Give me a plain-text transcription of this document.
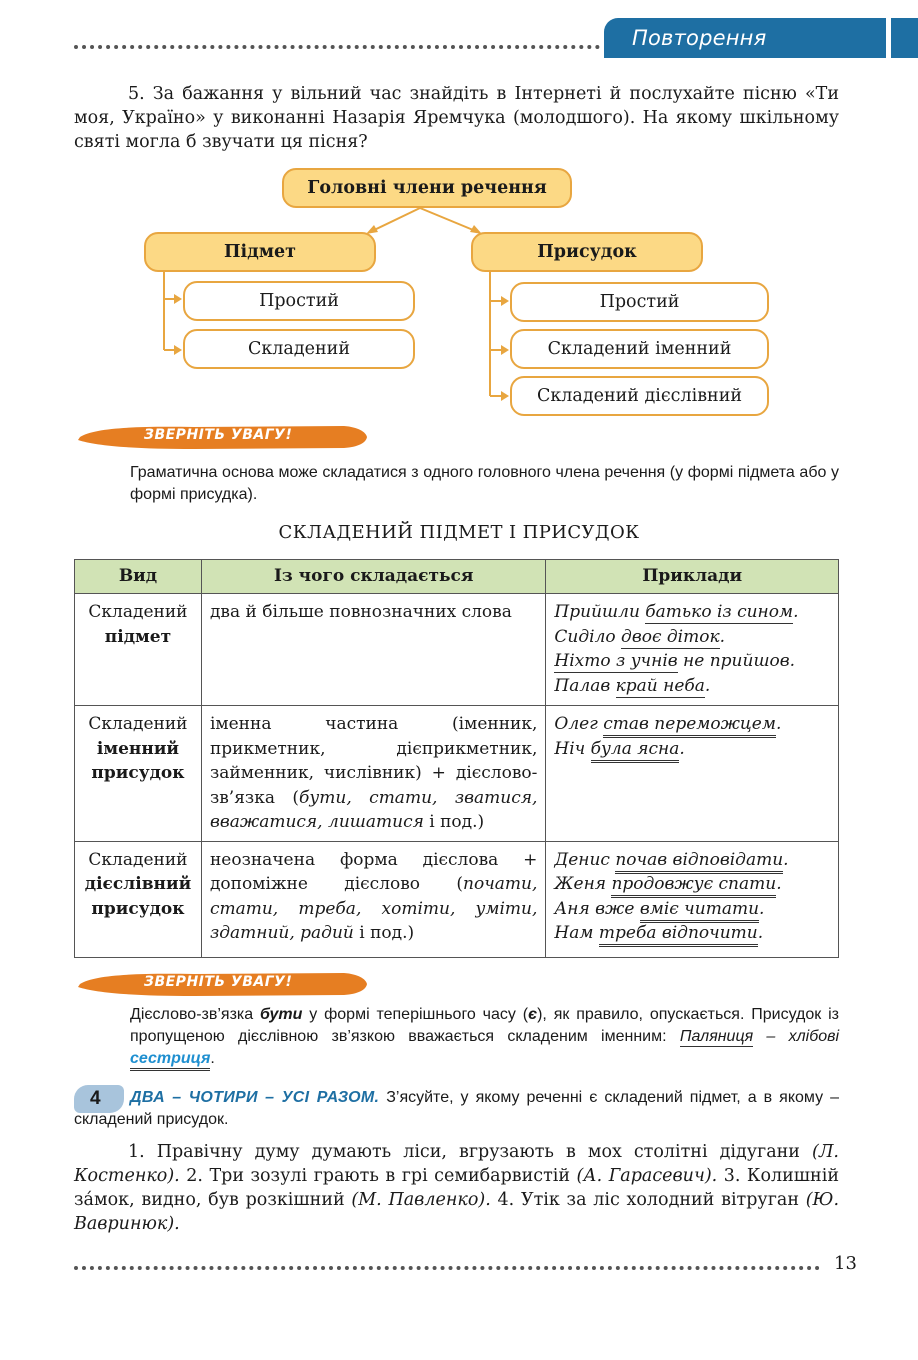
Повторення вивченого

5. За бажання у вільний час знайдіть в Інтернеті й послухайте пісню «Ти моя, Україно» у виконанні Назарія Яремчука (молодшого). На якому шкільному святі могла б звучати ця пісня?

Головні члени речення
Підмет	Присудок
Простий
Складений
Простий
Складений іменний
Складений дієслівний
ЗВЕРНІТЬ УВАГУ!

Граматична основа може складатися з одного головного члена речення (у формі підмета або у формі присудка).

СКЛАДЕНИЙ ПІДМЕТ І ПРИСУДОК
Вид	Із чого складається	Приклади
Складений
підмет	два й більше повнозначних слова	Прийшли батько із сином.
Сиділо двоє діток.
Ніхто з учнів не прийшов.
Палав край неба.

Складений
іменний
присудок	іменна частина (іменник, прикметник, дієприкметник, займенник, числівник) + дієслово-зв’язка (бути, стати, зватися, вважатися, лишатися і под.)	Олег став переможцем.
Ніч була ясна.

Складений
дієслівний
присудок	неозначена форма дієслова + допоміжне дієслово (почати, стати, треба, хотіти, уміти, здатний, радий і под.)	Денис почав відповідати.
Женя продовжує спати.
Аня вже вміє читати.
Нам треба відпочити.
ЗВЕРНІТЬ УВАГУ!

Дієслово-зв’язка бути у формі теперішнього часу (є), як правило, опускається. Присудок із пропущеною дієслівною зв’язкою вважається складеним іменним: Паляниця – хлібові сестриця.

4	ДВА – ЧОТИРИ – УСІ РАЗОМ. З’ясуйте, у якому реченні є складений підмет, а в якому – складений присудок.

1. Правічну думу думають ліси, вгрузають в мох столітні дідугани (Л. Костенко). 2. Три зозулі грають в грі семибарвистій (А. Гарасевич). 3. Колишній за́мок, видно, був розкішний (М. Павленко). 4. Утік за ліс холодний вітруган (Ю. Вавринюк).

13
